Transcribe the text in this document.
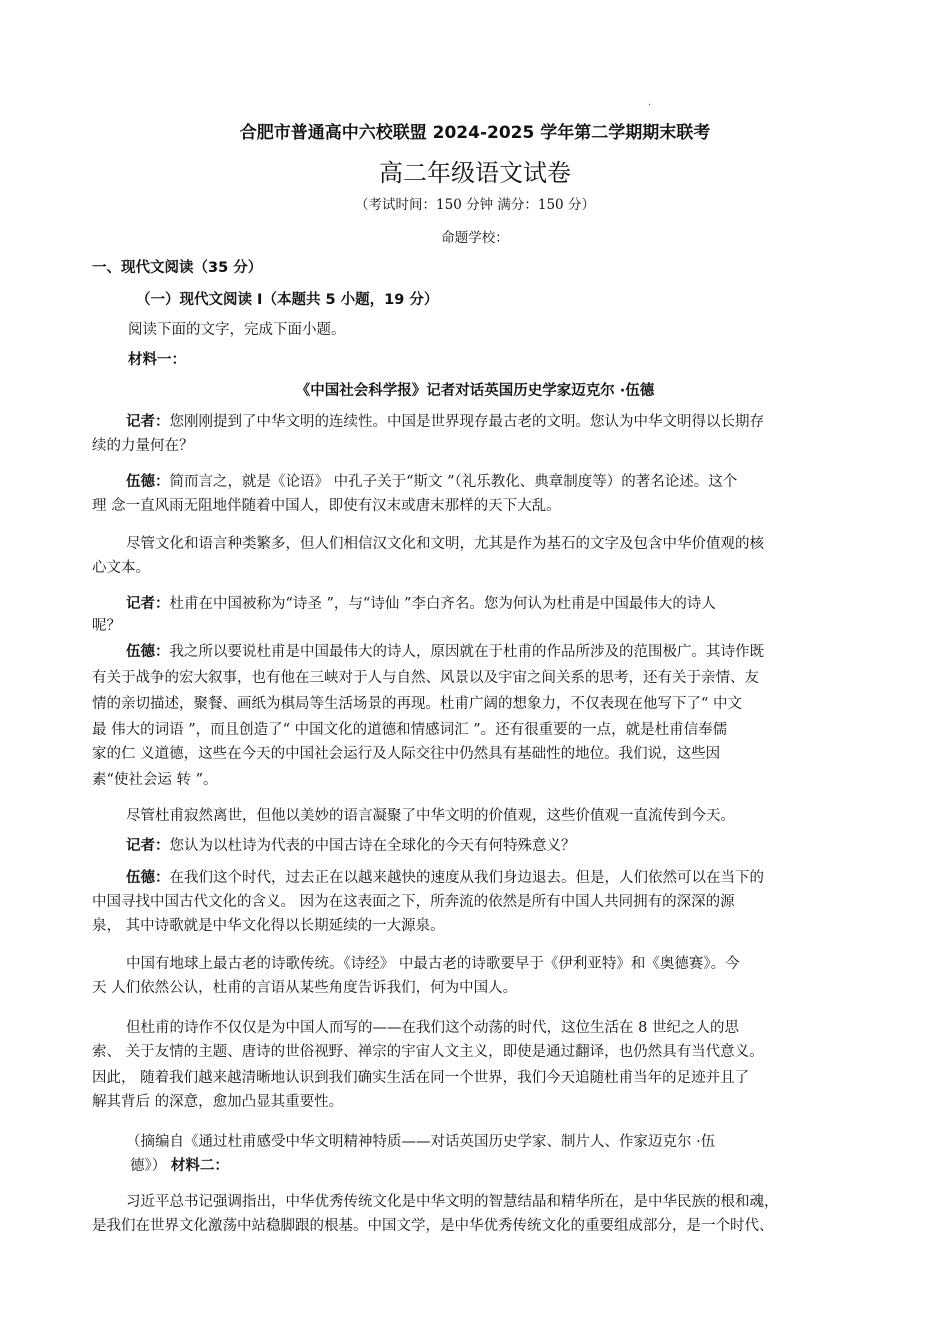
·
合肥市普通高中六校联盟 2024-2025 学年第二学期期末联考
高二年级语文试卷
（考试时间：150 分钟 满分：150 分）
命题学校：
一、现代文阅读（35 分）
（一）现代文阅读 I（本题共 5 小题，19 分）
阅读下面的文字，完成下面小题。
材料一：
《中国社会科学报》记者对话英国历史学家迈克尔 ·伍德
记者：您刚刚提到了中华文明的连续性。中国是世界现存最古老的文明。您认为中华文明得以长期存
续的力量何在？
伍德：简而言之，就是《论语》 中孔子关于“斯文 ”（礼乐教化、典章制度等）的著名论述。这个
理 念一直风雨无阻地伴随着中国人，即使有汉末或唐末那样的天下大乱。
尽管文化和语言种类繁多，但人们相信汉文化和文明，尤其是作为基石的文字及包含中华价值观的核
心文本。
记者：杜甫在中国被称为“诗圣 ”，与“诗仙 ”李白齐名。您为何认为杜甫是中国最伟大的诗人
呢？
伍德：我之所以要说杜甫是中国最伟大的诗人，原因就在于杜甫的作品所涉及的范围极广。其诗作既
有关于战争的宏大叙事，也有他在三峡对于人与自然、风景以及宇宙之间关系的思考，还有关于亲情、友
情的亲切描述，聚餐、画纸为棋局等生活场景的再现。杜甫广阔的想象力，不仅表现在他写下了“ 中文
最 伟大的词语 ”，而且创造了“ 中国文化的道德和情感词汇 ”。还有很重要的一点，就是杜甫信奉儒
家的仁 义道德，这些在今天的中国社会运行及人际交往中仍然具有基础性的地位。我们说，这些因
素“使社会运 转 ”。
尽管杜甫寂然离世，但他以美妙的语言凝聚了中华文明的价值观，这些价值观一直流传到今天。
记者：您认为以杜诗为代表的中国古诗在全球化的今天有何特殊意义？
伍德：在我们这个时代，过去正在以越来越快的速度从我们身边退去。但是，人们依然可以在当下的
中国寻找中国古代文化的含义。 因为在这表面之下，所奔流的依然是所有中国人共同拥有的深深的源
泉， 其中诗歌就是中华文化得以长期延续的一大源泉。
中国有地球上最古老的诗歌传统。《诗经》 中最古老的诗歌要早于《伊利亚特》和《奥德赛》。今
天 人们依然公认，杜甫的言语从某些角度告诉我们，何为中国人。
但杜甫的诗作不仅仅是为中国人而写的——在我们这个动荡的时代，这位生活在 8 世纪之人的思
索、 关于友情的主题、唐诗的世俗视野、禅宗的宇宙人文主义，即使是通过翻译，也仍然具有当代意义。
因此， 随着我们越来越清晰地认识到我们确实生活在同一个世界，我们今天追随杜甫当年的足迹并且了
解其背后 的深意，愈加凸显其重要性。
（摘编自《通过杜甫感受中华文明精神特质——对话英国历史学家、制片人、作家迈克尔 ·伍
德》） 材料二：
习近平总书记强调指出，中华优秀传统文化是中华文明的智慧结晶和精华所在，是中华民族的根和魂，
是我们在世界文化激荡中站稳脚跟的根基。中国文学，是中华优秀传统文化的重要组成部分，是一个时代、
